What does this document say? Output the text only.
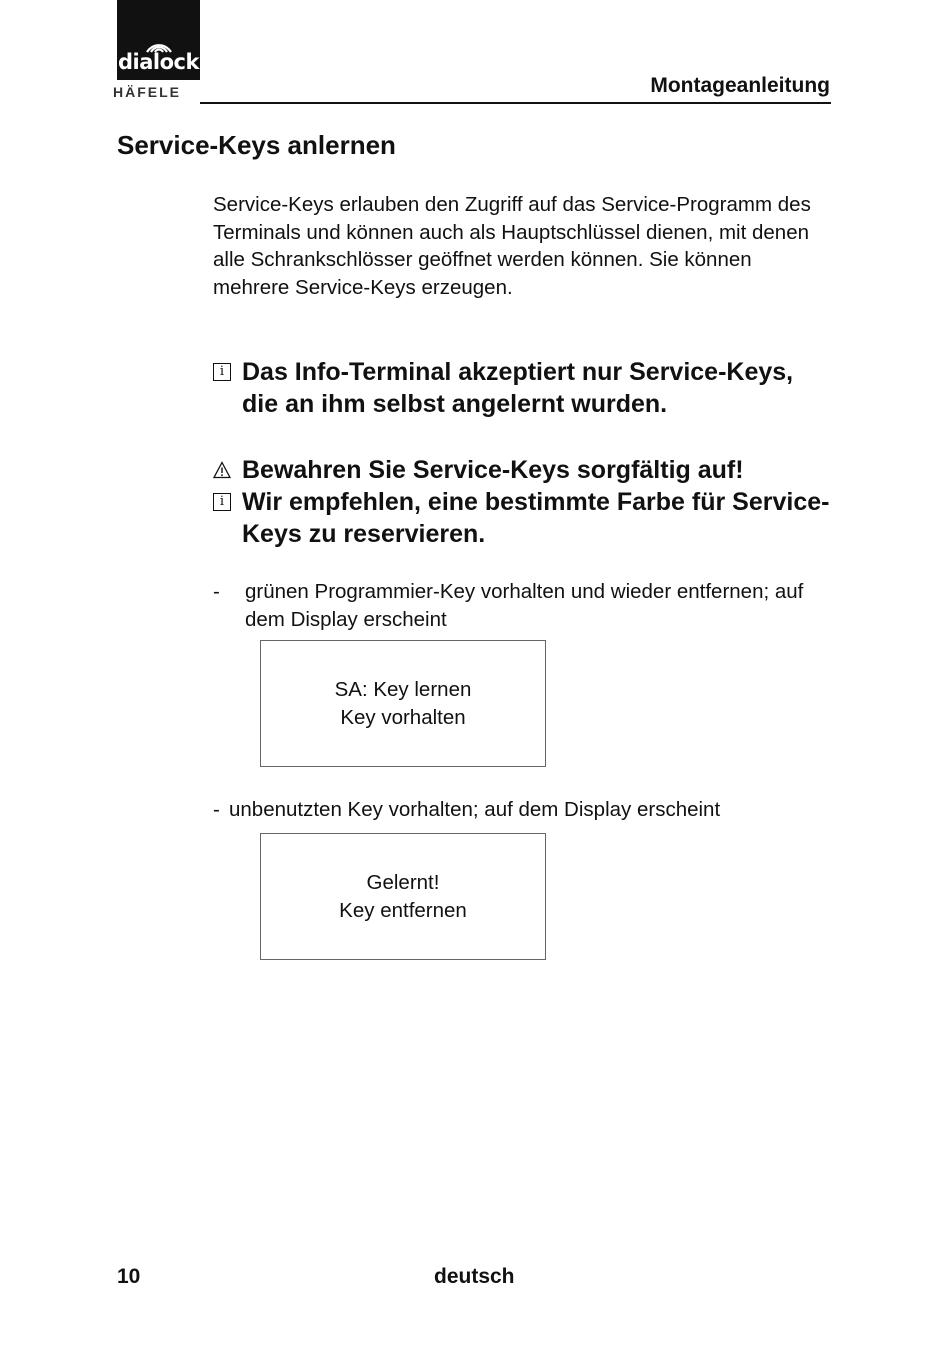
dialock
HÄFELE	Montageanleitung
Service-Keys anlernen
Service-Keys erlauben den Zugriff auf das Service-Programm des Terminals und können auch als Hauptschlüssel dienen, mit denen alle Schrankschlösser geöffnet werden können. Sie können mehrere Service-Keys erzeugen.
i Das Info-Terminal akzeptiert nur Service-Keys, die an ihm selbst angelernt wurden.
Bewahren Sie Service-Keys sorgfältig auf!
i Wir empfehlen, eine bestimmte Farbe für Service-Keys zu reservieren.
- grünen Programmier-Key vorhalten und wieder entfernen; auf dem Display erscheint
SA: Key lernen
Key vorhalten
- unbenutzten Key vorhalten; auf dem Display erscheint
Gelernt!
Key entfernen
10	deutsch
